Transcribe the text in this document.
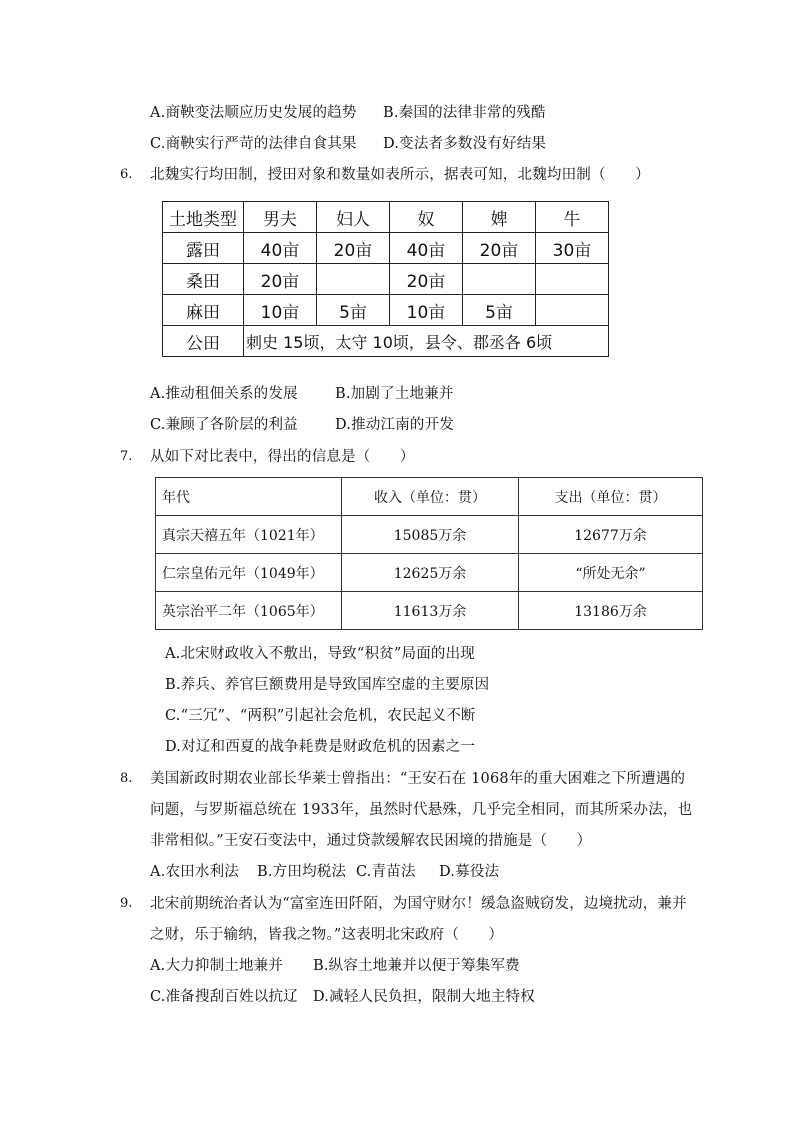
A.商鞅变法顺应历史发展的趋势 B.秦国的法律非常的残酷
C.商鞅实行严苛的法律自食其果 D.变法者多数没有好结果
6. 北魏实行均田制，授田对象和数量如表所示，据表可知，北魏均田制（　　）
土地类型	男夫	妇人	奴	婢	牛
露田	40亩	20亩	40亩	20亩	30亩
桑田	20亩		20亩		
麻田	10亩	5亩	10亩	5亩	
公田	刺史 15顷，太守 10顷，县令、郡丞各 6顷				
A.推动租佃关系的发展	B.加剧了土地兼并
C.兼顾了各阶层的利益	D.推动江南的开发
7. 从如下对比表中，得出的信息是（　　）
年代	收入（单位：贯）	支出（单位：贯）
真宗天禧五年（1021年）	15085万余	12677万余
仁宗皇佑元年（1049年）	12625万余	“所处无余”
英宗治平二年（1065年）	11613万余	13186万余
A.北宋财政收入不敷出，导致“积贫”局面的出现
B.养兵、养官巨额费用是导致国库空虚的主要原因
C.“三冗”、“两积”引起社会危机，农民起义不断
D.对辽和西夏的战争耗费是财政危机的因素之一
8. 美国新政时期农业部长华莱士曾指出：“王安石在 1068年的重大困难之下所遭遇的
问题，与罗斯福总统在 1933年，虽然时代悬殊，几乎完全相同，而其所采办法，也
非常相似。”王安石变法中，通过贷款缓解农民困境的措施是（　　）
A.农田水利法 B.方田均税法 C.青苗法 D.募役法
9. 北宋前期统治者认为“富室连田阡陌，为国守财尔！缓急盗贼窃发，边境扰动，兼并
之财，乐于输纳，皆我之物。”这表明北宋政府（　　）
A.大力抑制土地兼并 B.纵容土地兼并以便于筹集军费
C.准备搜刮百姓以抗辽 D.减轻人民负担，限制大地主特权
